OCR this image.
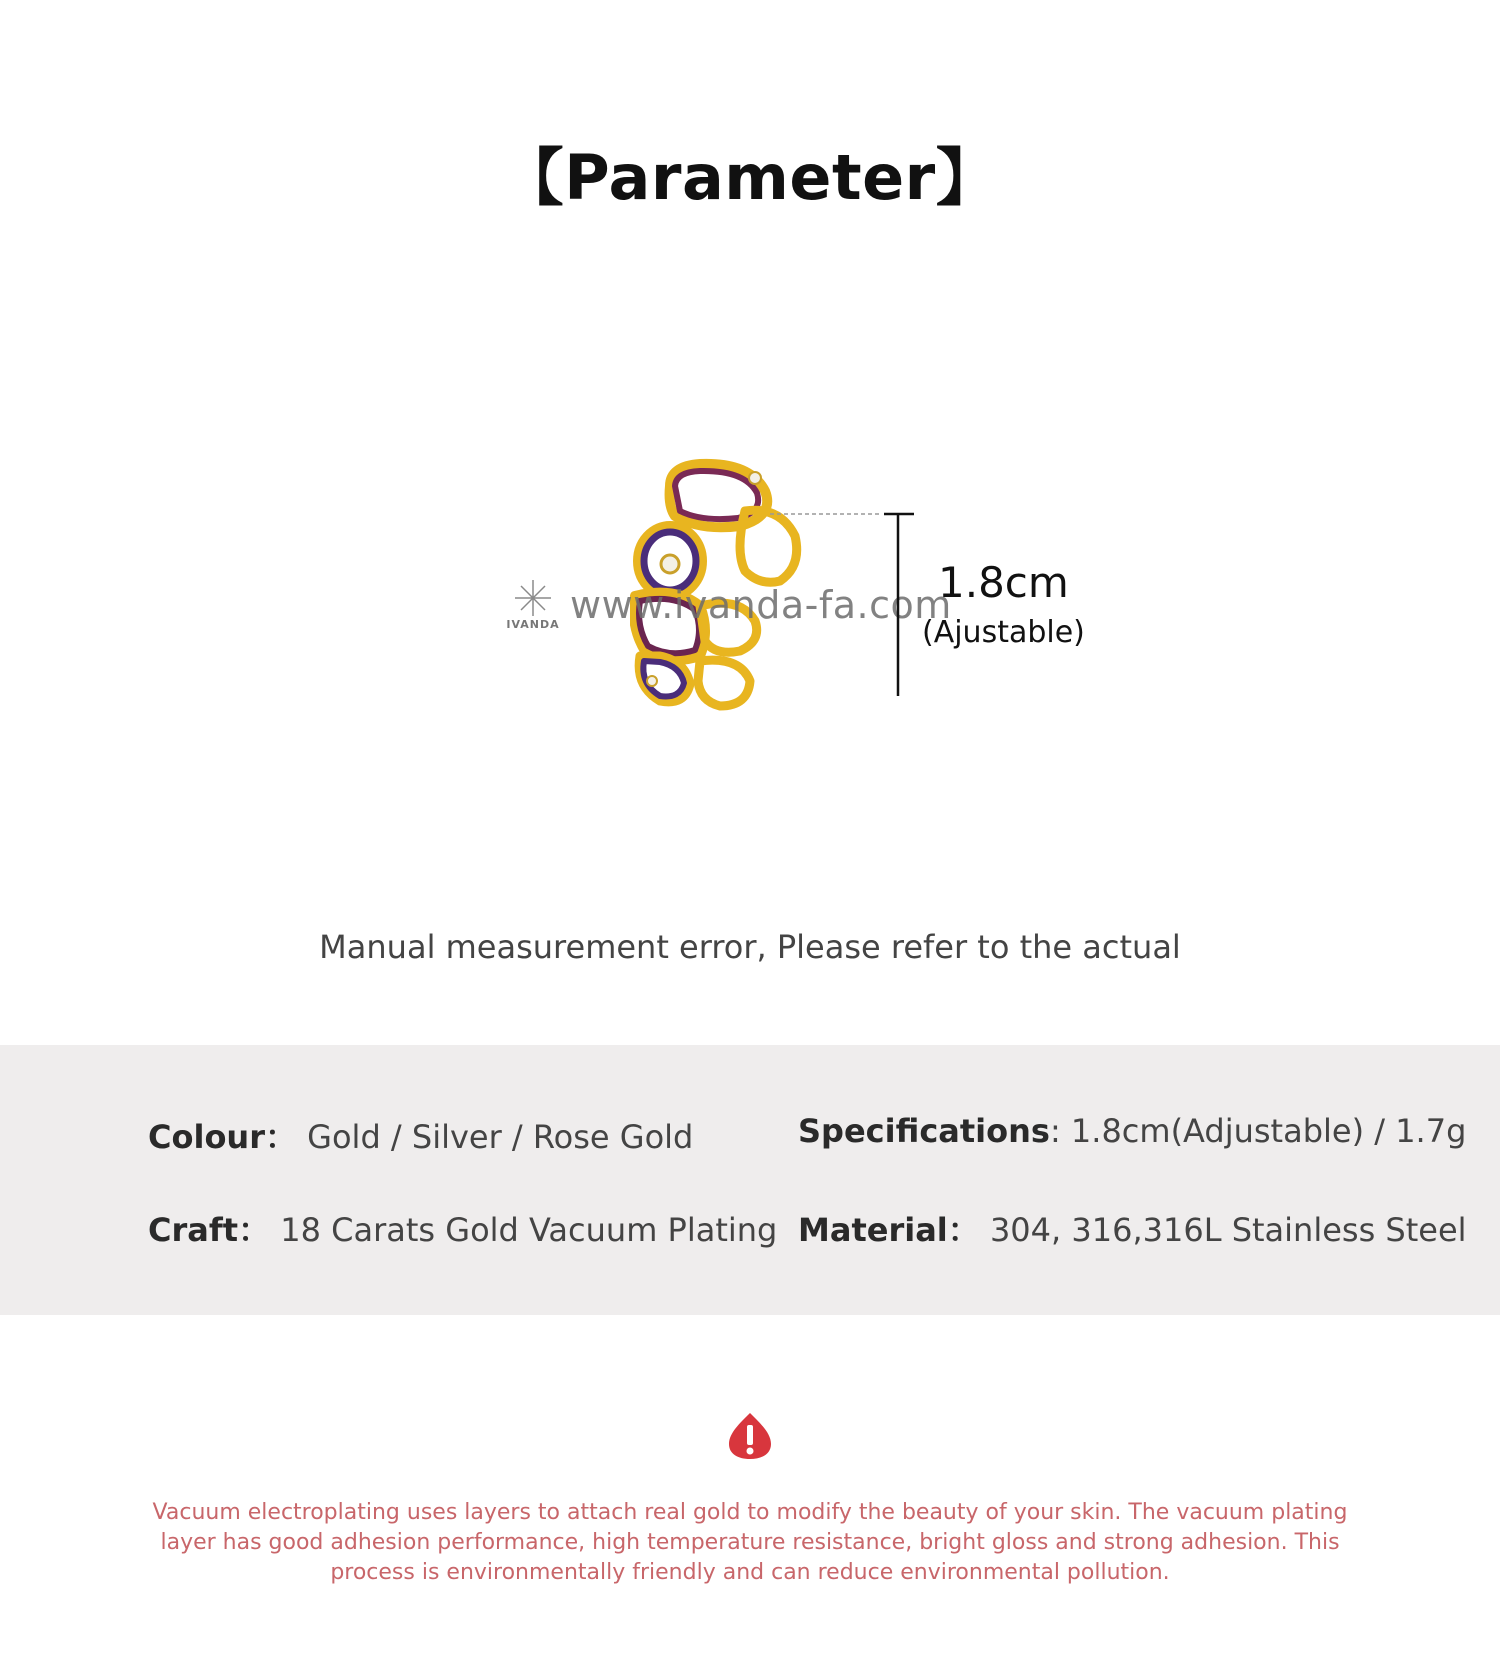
【Parameter】
IVANDA www.ivanda-fa.com
1.8cm
(Ajustable)
Manual measurement error, Please refer to the actual
Colour： Gold / Silver / Rose Gold	Specifications: 1.8cm(Adjustable) / 1.7g
Craft： 18 Carats Gold Vacuum Plating Material： 304, 316,316L Stainless Steel
Vacuum electroplating uses layers to attach real gold to modify the beauty of your skin. The vacuum plating layer has good adhesion performance, high temperature resistance, bright gloss and strong adhesion. This process is environmentally friendly and can reduce environmental pollution.
